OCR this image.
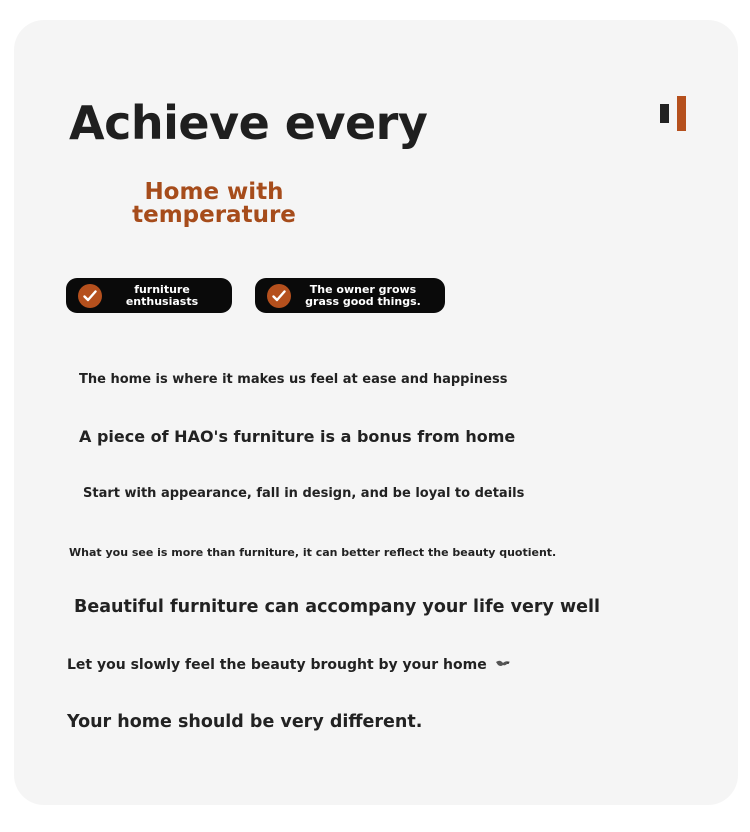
Achieve every
Home with temperature
furniture enthusiasts
The owner grows grass good things.
The home is where it makes us feel at ease and happiness
A piece of HAO's furniture is a bonus from home
Start with appearance, fall in design, and be loyal to details
What you see is more than furniture, it can better reflect the beauty quotient.
Beautiful furniture can accompany your life very well
Let you slowly feel the beauty brought by your home
Your home should be very different.
